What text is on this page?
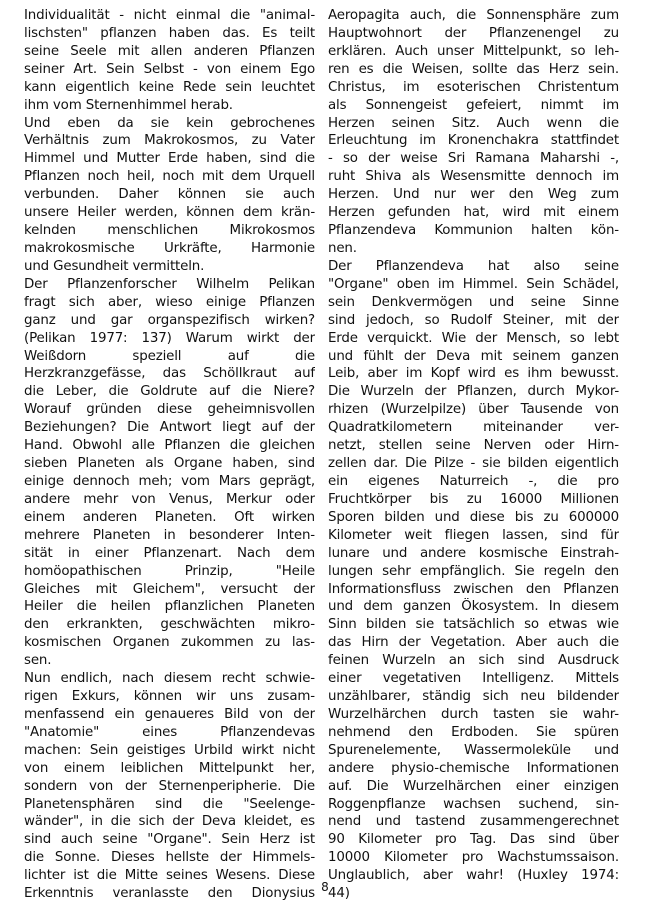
Individualität - nicht einmal die "animal-
lischsten" pflanzen haben das. Es teilt
seine Seele mit allen anderen Pflanzen
seiner Art. Sein Selbst - von einem Ego
kann eigentlich keine Rede sein leuchtet
ihm vom Sternenhimmel herab.
Und eben da sie kein gebrochenes
Verhältnis zum Makrokosmos, zu Vater
Himmel und Mutter Erde haben, sind die
Pflanzen noch heil, noch mit dem Urquell
verbunden. Daher können sie auch
unsere Heiler werden, können dem krän-
kelnden menschlichen Mikrokosmos
makrokosmische Urkräfte, Harmonie
und Gesundheit vermitteln.
Der Pflanzenforscher Wilhelm Pelikan
fragt sich aber, wieso einige Pflanzen
ganz und gar organspezifisch wirken?
(Pelikan 1977: 137) Warum wirkt der
Weißdorn speziell auf die
Herzkranzgefässe, das Schöllkraut auf
die Leber, die Goldrute auf die Niere?
Worauf gründen diese geheimnisvollen
Beziehungen? Die Antwort liegt auf der
Hand. Obwohl alle Pflanzen die gleichen
sieben Planeten als Organe haben, sind
einige dennoch meh; vom Mars geprägt,
andere mehr von Venus, Merkur oder
einem anderen Planeten. Oft wirken
mehrere Planeten in besonderer Inten-
sität in einer Pflanzenart. Nach dem
homöopathischen Prinzip, "Heile
Gleiches mit Gleichem", versucht der
Heiler die heilen pflanzlichen Planeten
den erkrankten, geschwächten mikro-
kosmischen Organen zukommen zu las-
sen.
Nun endlich, nach diesem recht schwie-
rigen Exkurs, können wir uns zusam-
menfassend ein genaueres Bild von der
"Anatomie" eines Pflanzendevas
machen: Sein geistiges Urbild wirkt nicht
von einem leiblichen Mittelpunkt her,
sondern von der Sternenperipherie. Die
Planetensphären sind die "Seelenge-
wänder", in die sich der Deva kleidet, es
sind auch seine "Organe". Sein Herz ist
die Sonne. Dieses hellste der Himmels-
lichter ist die Mitte seines Wesens. Diese
Erkenntnis veranlasste den Dionysius
Aeropagita auch, die Sonnensphäre zum
Hauptwohnort der Pflanzenengel zu
erklären. Auch unser Mittelpunkt, so leh-
ren es die Weisen, sollte das Herz sein.
Christus, im esoterischen Christentum
als Sonnengeist gefeiert, nimmt im
Herzen seinen Sitz. Auch wenn die
Erleuchtung im Kronenchakra stattfindet
- so der weise Sri Ramana Maharshi -,
ruht Shiva als Wesensmitte dennoch im
Herzen. Und nur wer den Weg zum
Herzen gefunden hat, wird mit einem
Pflanzendeva Kommunion halten kön-
nen.
Der Pflanzendeva hat also seine
"Organe" oben im Himmel. Sein Schädel,
sein Denkvermögen und seine Sinne
sind jedoch, so Rudolf Steiner, mit der
Erde verquickt. Wie der Mensch, so lebt
und fühlt der Deva mit seinem ganzen
Leib, aber im Kopf wird es ihm bewusst.
Die Wurzeln der Pflanzen, durch Mykor-
rhizen (Wurzelpilze) über Tausende von
Quadratkilometern miteinander ver-
netzt, stellen seine Nerven oder Hirn-
zellen dar. Die Pilze - sie bilden eigentlich
ein eigenes Naturreich -, die pro
Fruchtkörper bis zu 16000 Millionen
Sporen bilden und diese bis zu 600000
Kilometer weit fliegen lassen, sind für
lunare und andere kosmische Einstrah-
lungen sehr empfänglich. Sie regeln den
Informationsfluss zwischen den Pflanzen
und dem ganzen Ökosystem. In diesem
Sinn bilden sie tatsächlich so etwas wie
das Hirn der Vegetation. Aber auch die
feinen Wurzeln an sich sind Ausdruck
einer vegetativen Intelligenz. Mittels
unzählbarer, ständig sich neu bildender
Wurzelhärchen durch tasten sie wahr-
nehmend den Erdboden. Sie spüren
Spurenelemente, Wassermoleküle und
andere physio-chemische Informationen
auf. Die Wurzelhärchen einer einzigen
Roggenpflanze wachsen suchend, sin-
nend und tastend zusammengerechnet
90 Kilometer pro Tag. Das sind über
10000 Kilometer pro Wachstumssaison.
Unglaublich, aber wahr! (Huxley 1974:
44)
8
